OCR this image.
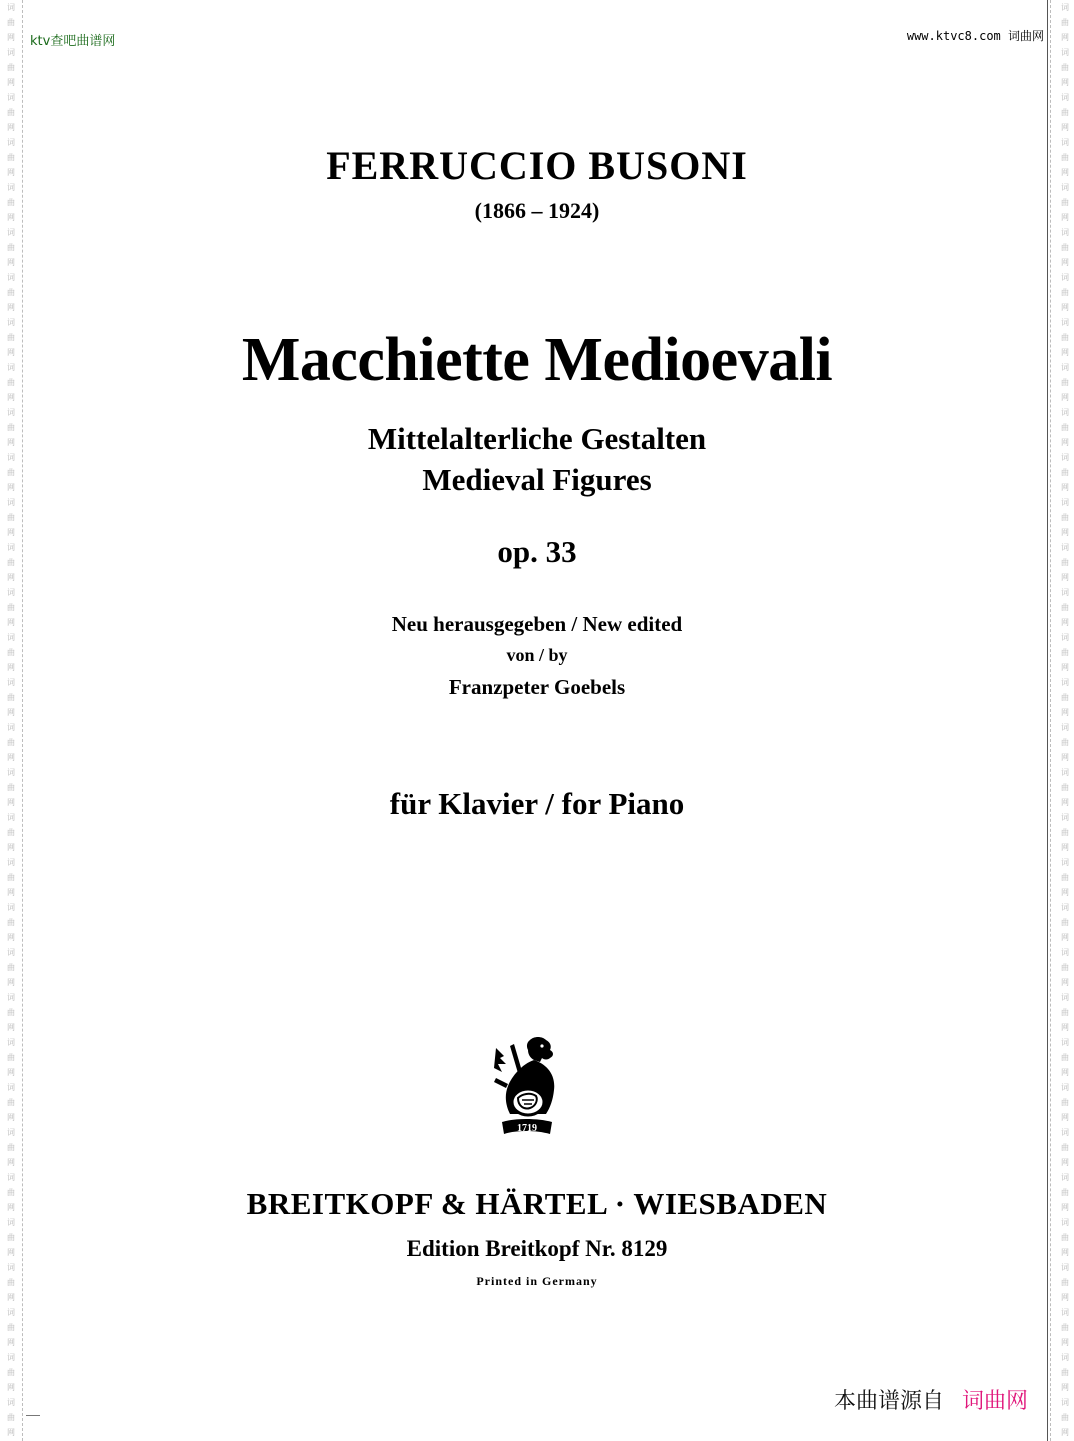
词
曲
网
词
曲
网
词
曲
网
词
曲
网
词
曲
网
词
曲
网
词
曲
网
词
曲
网
词
曲
网
词
曲
网
词
曲
网
词
曲
网
词
曲
网
词
曲
网
词
曲
网
词
曲
网
词
曲
网
词
曲
网
词
曲
网
词
曲
网
词
曲
网
词
曲
网
词
曲
网
词
曲
网
词
曲
网
词
曲
网
词
曲
网
词
曲
网
词
曲
网
词
曲
网
词
曲
网
词
曲
网

词
曲
网
词
曲
网
词
曲
网
词
曲
网
词
曲
网
词
曲
网
词
曲
网
词
曲
网
词
曲
网
词
曲
网
词
曲
网
词
曲
网
词
曲
网
词
曲
网
词
曲
网
词
曲
网
词
曲
网
词
曲
网
词
曲
网
词
曲
网
词
曲
网
词
曲
网
词
曲
网
词
曲
网
词
曲
网
词
曲
网
词
曲
网
词
曲
网
词
曲
网
词
曲
网
词
曲
网
词
曲
网

ktv查吧曲谱网	www.ktvc8.com 词曲网
FERRUCCIO BUSONI
(1866 – 1924)
Macchiette Medioevali
Mittelalterliche Gestalten
Medieval Figures
op. 33
Neu herausgegeben / New edited
von / by
Franzpeter Goebels
für Klavier / for Piano
1719
BREITKOPF & HÄRTEL · WIESBADEN
Edition Breitkopf Nr. 8129
Printed in Germany
本曲谱源自 词曲网
